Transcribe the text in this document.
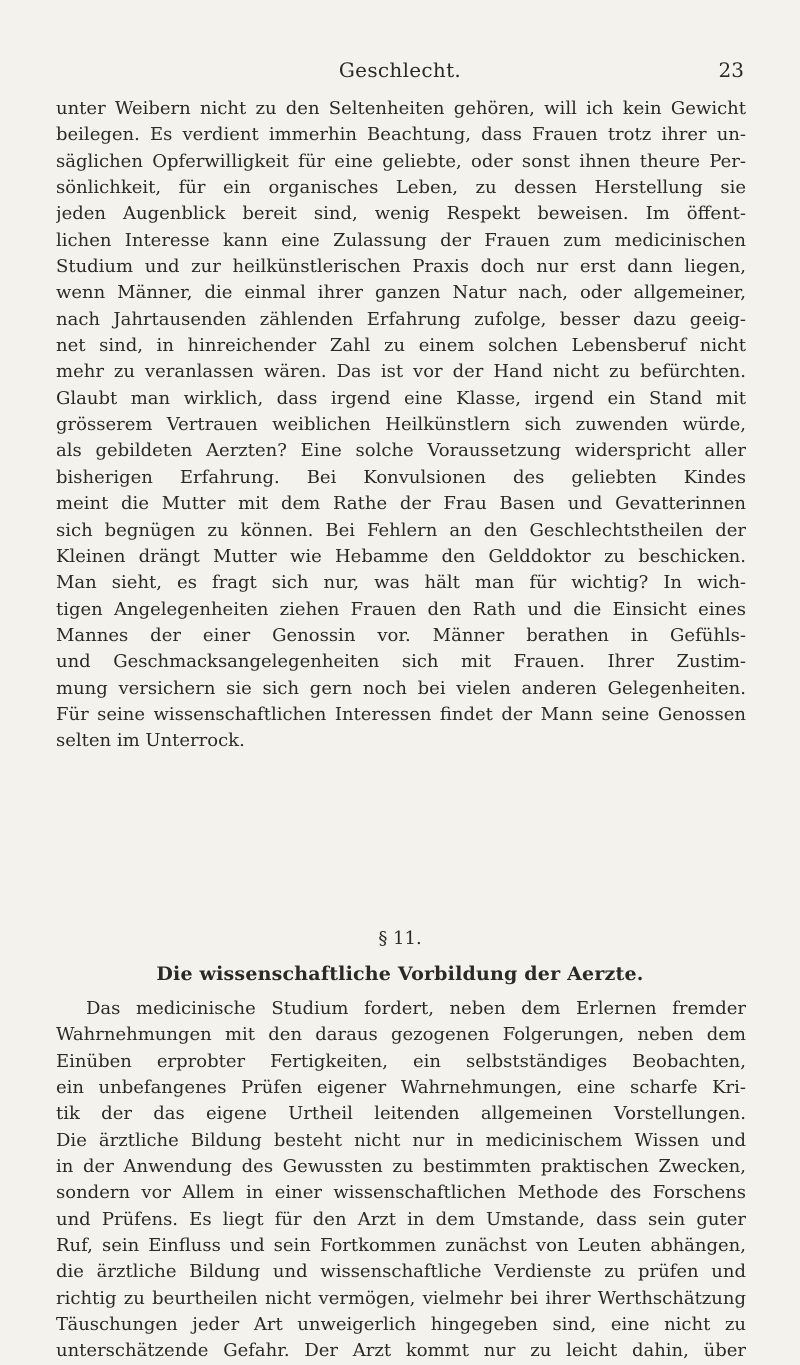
Geschlecht.	23
unter Weibern nicht zu den Seltenheiten gehören, will ich kein Gewicht
beilegen. Es verdient immerhin Beachtung, dass Frauen trotz ihrer un-
säglichen Opferwilligkeit für eine geliebte, oder sonst ihnen theure Per-
sönlichkeit, für ein organisches Leben, zu dessen Herstellung sie
jeden Augenblick bereit sind, wenig Respekt beweisen. Im öffent-
lichen Interesse kann eine Zulassung der Frauen zum medicinischen
Studium und zur heilkünstlerischen Praxis doch nur erst dann liegen,
wenn Männer, die einmal ihrer ganzen Natur nach, oder allgemeiner,
nach Jahrtausenden zählenden Erfahrung zufolge, besser dazu geeig-
net sind, in hinreichender Zahl zu einem solchen Lebensberuf nicht
mehr zu veranlassen wären. Das ist vor der Hand nicht zu befürchten.
Glaubt man wirklich, dass irgend eine Klasse, irgend ein Stand mit
grösserem Vertrauen weiblichen Heilkünstlern sich zuwenden würde,
als gebildeten Aerzten? Eine solche Voraussetzung widerspricht aller
bisherigen Erfahrung. Bei Konvulsionen des geliebten Kindes
meint die Mutter mit dem Rathe der Frau Basen und Gevatterinnen
sich begnügen zu können. Bei Fehlern an den Geschlechtstheilen der
Kleinen drängt Mutter wie Hebamme den Gelddoktor zu beschicken.
Man sieht, es fragt sich nur, was hält man für wichtig? In wich-
tigen Angelegenheiten ziehen Frauen den Rath und die Einsicht eines
Mannes der einer Genossin vor. Männer berathen in Gefühls-
und Geschmacksangelegenheiten sich mit Frauen. Ihrer Zustim-
mung versichern sie sich gern noch bei vielen anderen Gelegenheiten.
Für seine wissenschaftlichen Interessen findet der Mann seine Genossen
selten im Unterrock.
§ 11.
Die wissenschaftliche Vorbildung der Aerzte.
Das medicinische Studium fordert, neben dem Erlernen fremder
Wahrnehmungen mit den daraus gezogenen Folgerungen, neben dem
Einüben erprobter Fertigkeiten, ein selbstständiges Beobachten,
ein unbefangenes Prüfen eigener Wahrnehmungen, eine scharfe Kri-
tik der das eigene Urtheil leitenden allgemeinen Vorstellungen.
Die ärztliche Bildung besteht nicht nur in medicinischem Wissen und
in der Anwendung des Gewussten zu bestimmten praktischen Zwecken,
sondern vor Allem in einer wissenschaftlichen Methode des Forschens
und Prüfens. Es liegt für den Arzt in dem Umstande, dass sein guter
Ruf, sein Einfluss und sein Fortkommen zunächst von Leuten abhängen,
die ärztliche Bildung und wissenschaftliche Verdienste zu prüfen und
richtig zu beurtheilen nicht vermögen, vielmehr bei ihrer Werthschätzung
Täuschungen jeder Art unweigerlich hingegeben sind, eine nicht zu
unterschätzende Gefahr. Der Arzt kommt nur zu leicht dahin, über
